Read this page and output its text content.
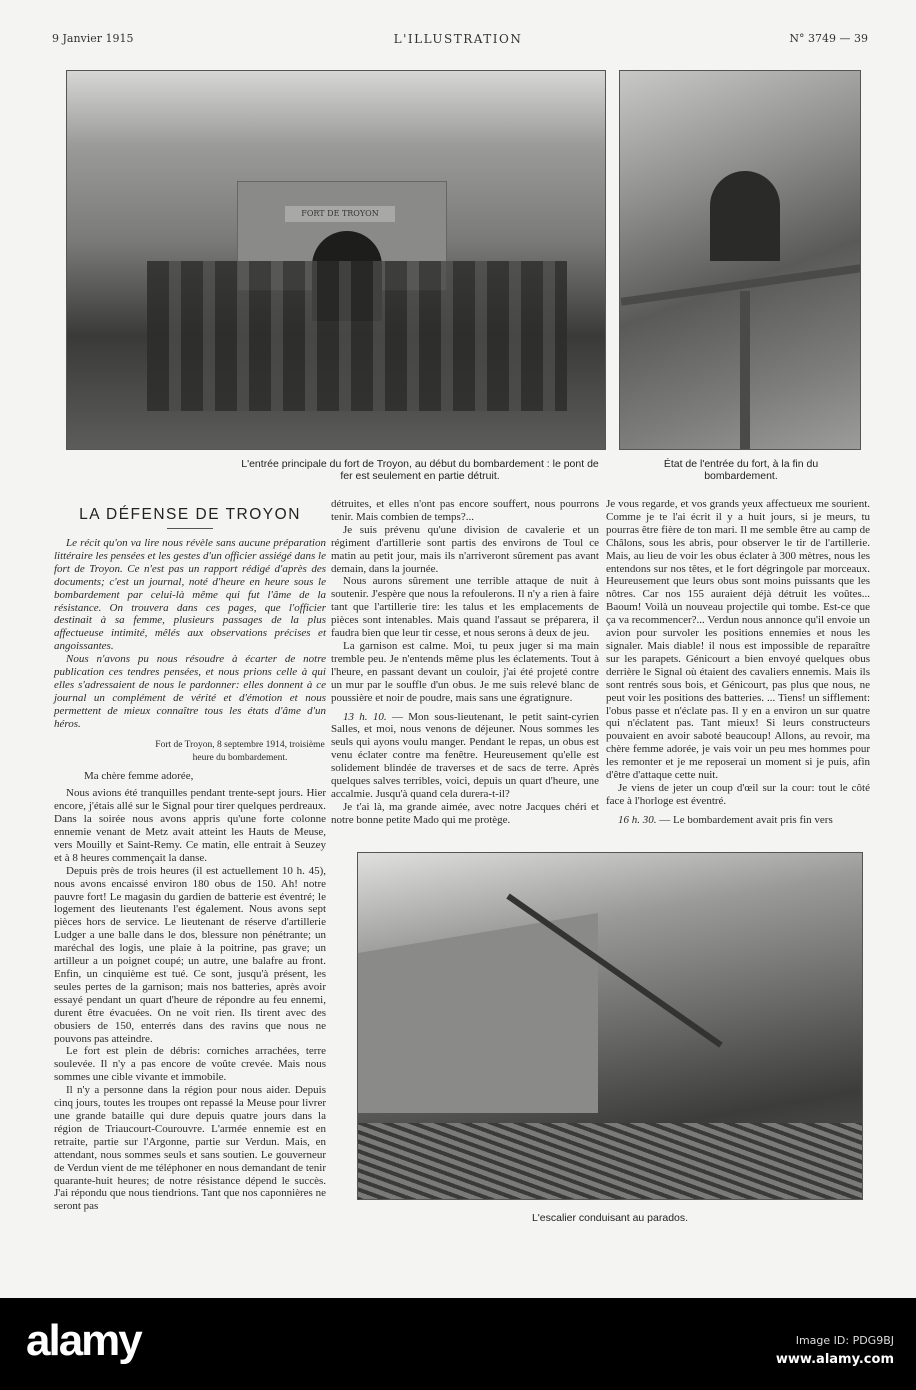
9 Janvier 1915	L'ILLUSTRATION	N° 3749 — 39
FORT DE TROYON
L'entrée principale du fort de Troyon, au début du bombardement : le pont de fer est seulement en partie détruit.
État de l'entrée du fort, à la fin du bombardement.
LA DÉFENSE DE TROYON

Le récit qu'on va lire nous révèle sans aucune préparation littéraire les pensées et les gestes d'un officier assiégé dans le fort de Troyon. Ce n'est pas un rapport rédigé d'après des documents; c'est un journal, noté d'heure en heure sous le bombardement par celui-là même qui fut l'âme de la résistance. On trouvera dans ces pages, que l'officier destinait à sa femme, plusieurs passages de la plus affectueuse intimité, mêlés aux observations précises et angoissantes.

Nous n'avons pu nous résoudre à écarter de notre publication ces tendres pensées, et nous prions celle à qui elles s'adressaient de nous le pardonner: elles donnent à ce journal un complément de vérité et d'émotion et nous permettent de mieux connaître tous les états d'âme d'un héros.

Fort de Troyon, 8 septembre 1914, troisième heure du bombardement.

Ma chère femme adorée,

Nous avions été tranquilles pendant trente-sept jours. Hier encore, j'étais allé sur le Signal pour tirer quelques perdreaux. Dans la soirée nous avons appris qu'une forte colonne ennemie venant de Metz avait atteint les Hauts de Meuse, vers Mouilly et Saint-Remy. Ce matin, elle entrait à Seuzey et à 8 heures commençait la danse.

Depuis près de trois heures (il est actuellement 10 h. 45), nous avons encaissé environ 180 obus de 150. Ah! notre pauvre fort! Le magasin du gardien de batterie est éventré; le logement des lieutenants l'est également. Nous avons sept pièces hors de service. Le lieutenant de réserve d'artillerie Ludger a une balle dans le dos, blessure non pénétrante; un maréchal des logis, une plaie à la poitrine, pas grave; un artilleur a un poignet coupé; un autre, une balafre au front. Enfin, un cinquième est tué. Ce sont, jusqu'à présent, les seules pertes de la garnison; mais nos batteries, après avoir essayé pendant un quart d'heure de répondre au feu ennemi, durent être évacuées. On ne voit rien. Ils tirent avec des obusiers de 150, enterrés dans des ravins que nous ne pouvons pas atteindre.

Le fort est plein de débris: corniches arrachées, terre soulevée. Il n'y a pas encore de voûte crevée. Mais nous sommes une cible vivante et immobile.

Il n'y a personne dans la région pour nous aider. Depuis cinq jours, toutes les troupes ont repassé la Meuse pour livrer une grande bataille qui dure depuis quatre jours dans la région de Triaucourt-Courouvre. L'armée ennemie est en retraite, partie sur l'Argonne, partie sur Verdun. Mais, en attendant, nous sommes seuls et sans soutien. Le gouverneur de Verdun vient de me téléphoner en nous demandant de tenir quarante-huit heures; de notre résistance dépend le succès. J'ai répondu que nous tiendrions. Tant que nos caponnières ne seront pas

détruites, et elles n'ont pas encore souffert, nous pourrons tenir. Mais combien de temps?...

Je suis prévenu qu'une division de cavalerie et un régiment d'artillerie sont partis des environs de Toul ce matin au petit jour, mais ils n'arriveront sûrement pas avant demain, dans la journée.

Nous aurons sûrement une terrible attaque de nuit à soutenir. J'espère que nous la refoulerons. Il n'y a rien à faire tant que l'artillerie tire: les talus et les emplacements de pièces sont intenables. Mais quand l'assaut se préparera, il faudra bien que leur tir cesse, et nous serons à deux de jeu.

La garnison est calme. Moi, tu peux juger si ma main tremble peu. Je n'entends même plus les éclatements. Tout à l'heure, en passant devant un couloir, j'ai été projeté contre un mur par le souffle d'un obus. Je me suis relevé blanc de poussière et noir de poudre, mais sans une égratignure.

13 h. 10. — Mon sous-lieutenant, le petit saint-cyrien Salles, et moi, nous venons de déjeuner. Nous sommes les seuls qui ayons voulu manger. Pendant le repas, un obus est venu éclater contre ma fenêtre. Heureusement qu'elle est solidement blindée de traverses et de sacs de terre. Après quelques salves terribles, voici, depuis un quart d'heure, une accalmie. Jusqu'à quand cela durera-t-il?

Je t'ai là, ma grande aimée, avec notre Jacques chéri et notre bonne petite Mado qui me protège.

Je vous regarde, et vos grands yeux affectueux me sourient. Comme je te l'ai écrit il y a huit jours, si je meurs, tu pourras être fière de ton mari. Il me semble être au camp de Châlons, sous les abris, pour observer le tir de l'artillerie. Mais, au lieu de voir les obus éclater à 300 mètres, nous les entendons sur nos têtes, et le fort dégringole par morceaux. Heureusement que leurs obus sont moins puissants que les nôtres. Car nos 155 auraient déjà détruit les voûtes... Baoum! Voilà un nouveau projectile qui tombe. Est-ce que ça va recommencer?... Verdun nous annonce qu'il envoie un avion pour survoler les positions ennemies et nous les signaler. Mais diable! il nous est impossible de reparaître sur les parapets. Génicourt a bien envoyé quelques obus derrière le Signal où étaient des cavaliers ennemis. Mais ils sont rentrés sous bois, et Génicourt, pas plus que nous, ne peut voir les positions des batteries. ... Tiens! un sifflement: l'obus passe et n'éclate pas. Il y en a environ un sur quatre qui n'éclatent pas. Tant mieux! Si leurs constructeurs pouvaient en avoir saboté beaucoup! Allons, au revoir, ma chère femme adorée, je vais voir un peu mes hommes pour les remonter et je me reposerai un moment si je puis, afin d'être d'attaque cette nuit.

Je viens de jeter un coup d'œil sur la cour: tout le côté face à l'horloge est éventré.

16 h. 30. — Le bombardement avait pris fin vers

L'escalier conduisant au parados.
alamy	Image ID: PDG9BJ
www.alamy.com
